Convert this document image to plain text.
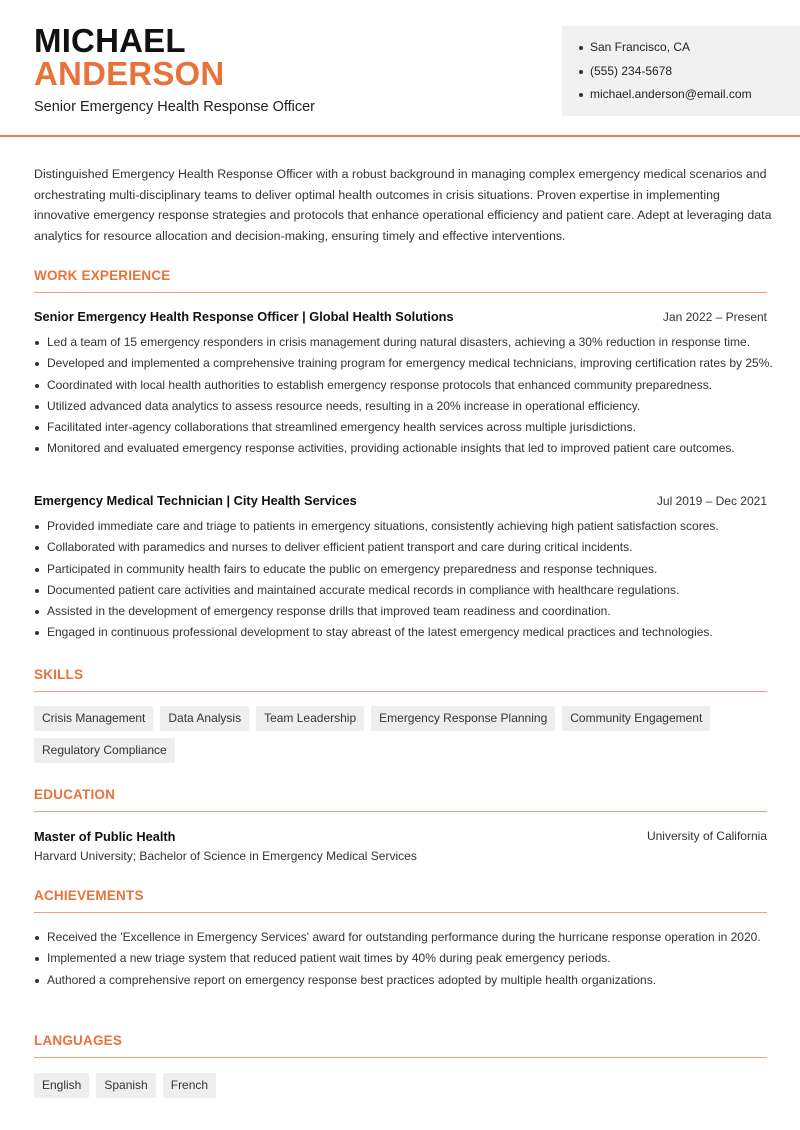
MICHAEL
ANDERSON
Senior Emergency Health Response Officer
San Francisco, CA
(555) 234-5678
michael.anderson@email.com
Distinguished Emergency Health Response Officer with a robust background in managing complex emergency medical scenarios and orchestrating multi-disciplinary teams to deliver optimal health outcomes in crisis situations. Proven expertise in implementing innovative emergency response strategies and protocols that enhance operational efficiency and patient care. Adept at leveraging data analytics for resource allocation and decision-making, ensuring timely and effective interventions.
WORK EXPERIENCE
Senior Emergency Health Response Officer | Global Health Solutions	Jan 2022 – Present
Led a team of 15 emergency responders in crisis management during natural disasters, achieving a 30% reduction in response time.
Developed and implemented a comprehensive training program for emergency medical technicians, improving certification rates by 25%.
Coordinated with local health authorities to establish emergency response protocols that enhanced community preparedness.
Utilized advanced data analytics to assess resource needs, resulting in a 20% increase in operational efficiency.
Facilitated inter-agency collaborations that streamlined emergency health services across multiple jurisdictions.
Monitored and evaluated emergency response activities, providing actionable insights that led to improved patient care outcomes.
Emergency Medical Technician | City Health Services	Jul 2019 – Dec 2021
Provided immediate care and triage to patients in emergency situations, consistently achieving high patient satisfaction scores.
Collaborated with paramedics and nurses to deliver efficient patient transport and care during critical incidents.
Participated in community health fairs to educate the public on emergency preparedness and response techniques.
Documented patient care activities and maintained accurate medical records in compliance with healthcare regulations.
Assisted in the development of emergency response drills that improved team readiness and coordination.
Engaged in continuous professional development to stay abreast of the latest emergency medical practices and technologies.
SKILLS
Crisis Management	Data Analysis	Team Leadership	Emergency Response Planning	Community Engagement
Regulatory Compliance
EDUCATION
Master of Public Health	University of California
Harvard University; Bachelor of Science in Emergency Medical Services
ACHIEVEMENTS
Received the 'Excellence in Emergency Services' award for outstanding performance during the hurricane response operation in 2020.
Implemented a new triage system that reduced patient wait times by 40% during peak emergency periods.
Authored a comprehensive report on emergency response best practices adopted by multiple health organizations.
LANGUAGES
English	Spanish	French
